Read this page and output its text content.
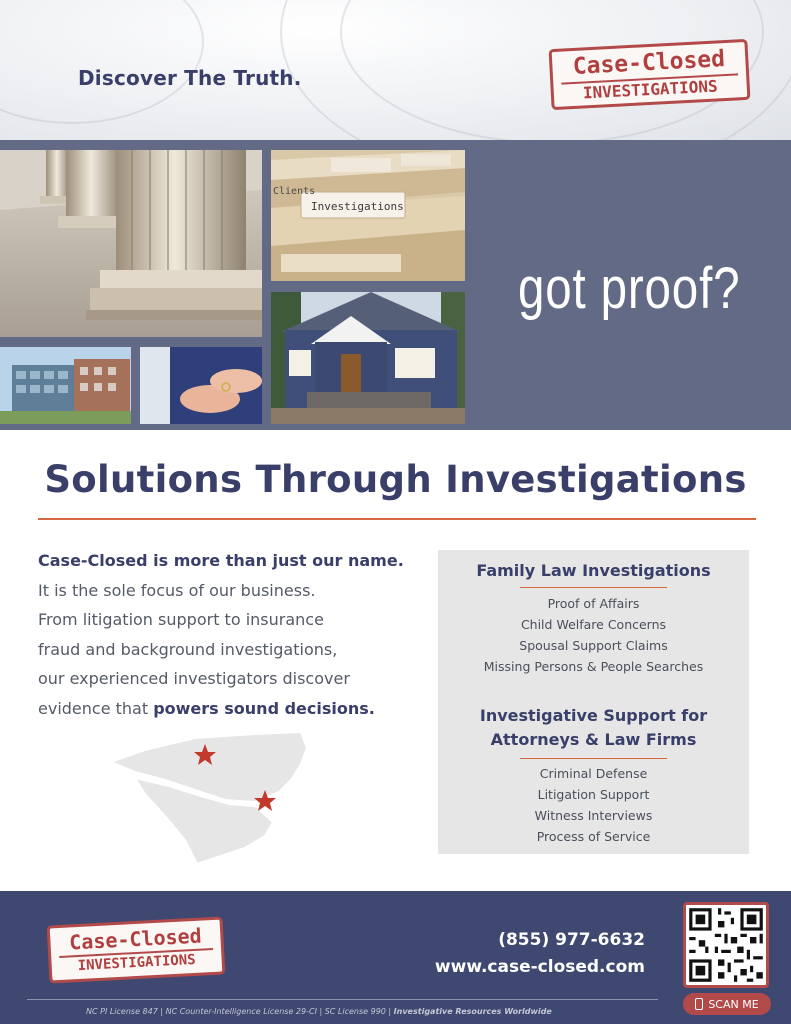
Discover The Truth.	Case-Closed
INVESTIGATIONS
Investigations
Clients
got proof?
Solutions Through Investigations
Case-Closed is more than just our name.
It is the sole focus of our business.
From litigation support to insurance
fraud and background investigations,
our experienced investigators discover
evidence that powers sound decisions.
Family Law Investigations
Proof of Affairs
Child Welfare Concerns
Spousal Support Claims
Missing Persons & People Searches
Investigative Support for
Attorneys & Law Firms
Criminal Defense
Litigation Support
Witness Interviews
Process of Service
Case-Closed
INVESTIGATIONS
(855) 977-6632
www.case-closed.com
NC PI License 847 | NC Counter-Intelligence License 29-CI | SC License 990 | Investigative Resources Worldwide
SCAN ME
